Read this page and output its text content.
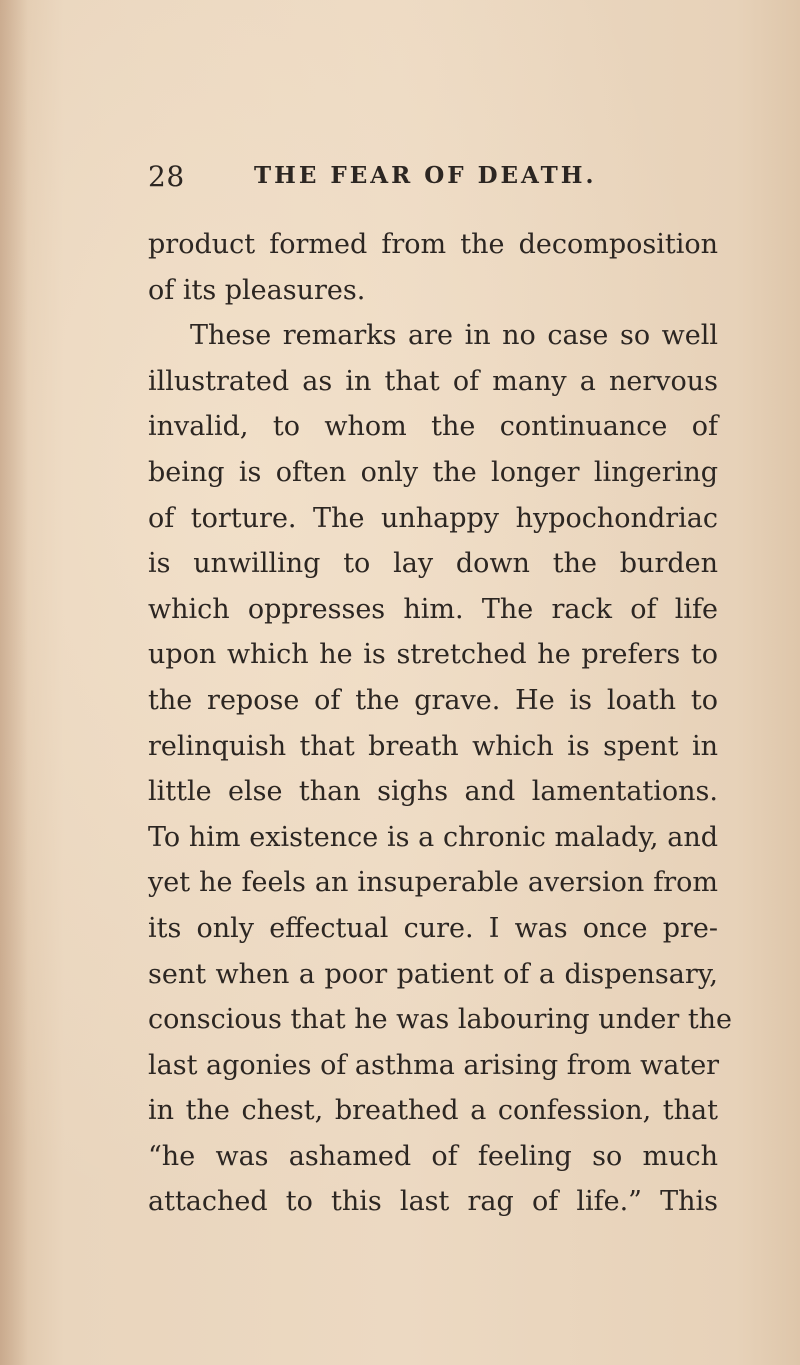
28	THE FEAR OF DEATH.
product formed from the decomposition
of its pleasures.
These remarks are in no case so well
illustrated as in that of many a nervous
invalid, to whom the continuance of
being is often only the longer lingering
of torture. The unhappy hypochondriac
is unwilling to lay down the burden
which oppresses him. The rack of life
upon which he is stretched he prefers to
the repose of the grave. He is loath to
relinquish that breath which is spent in
little else than sighs and lamentations.
To him existence is a chronic malady, and
yet he feels an insuperable aversion from
its only effectual cure. I was once pre-
sent when a poor patient of a dispensary,
conscious that he was labouring under the
last agonies of asthma arising from water
in the chest, breathed a confession, that
“he was ashamed of feeling so much
attached to this last rag of life.” This
